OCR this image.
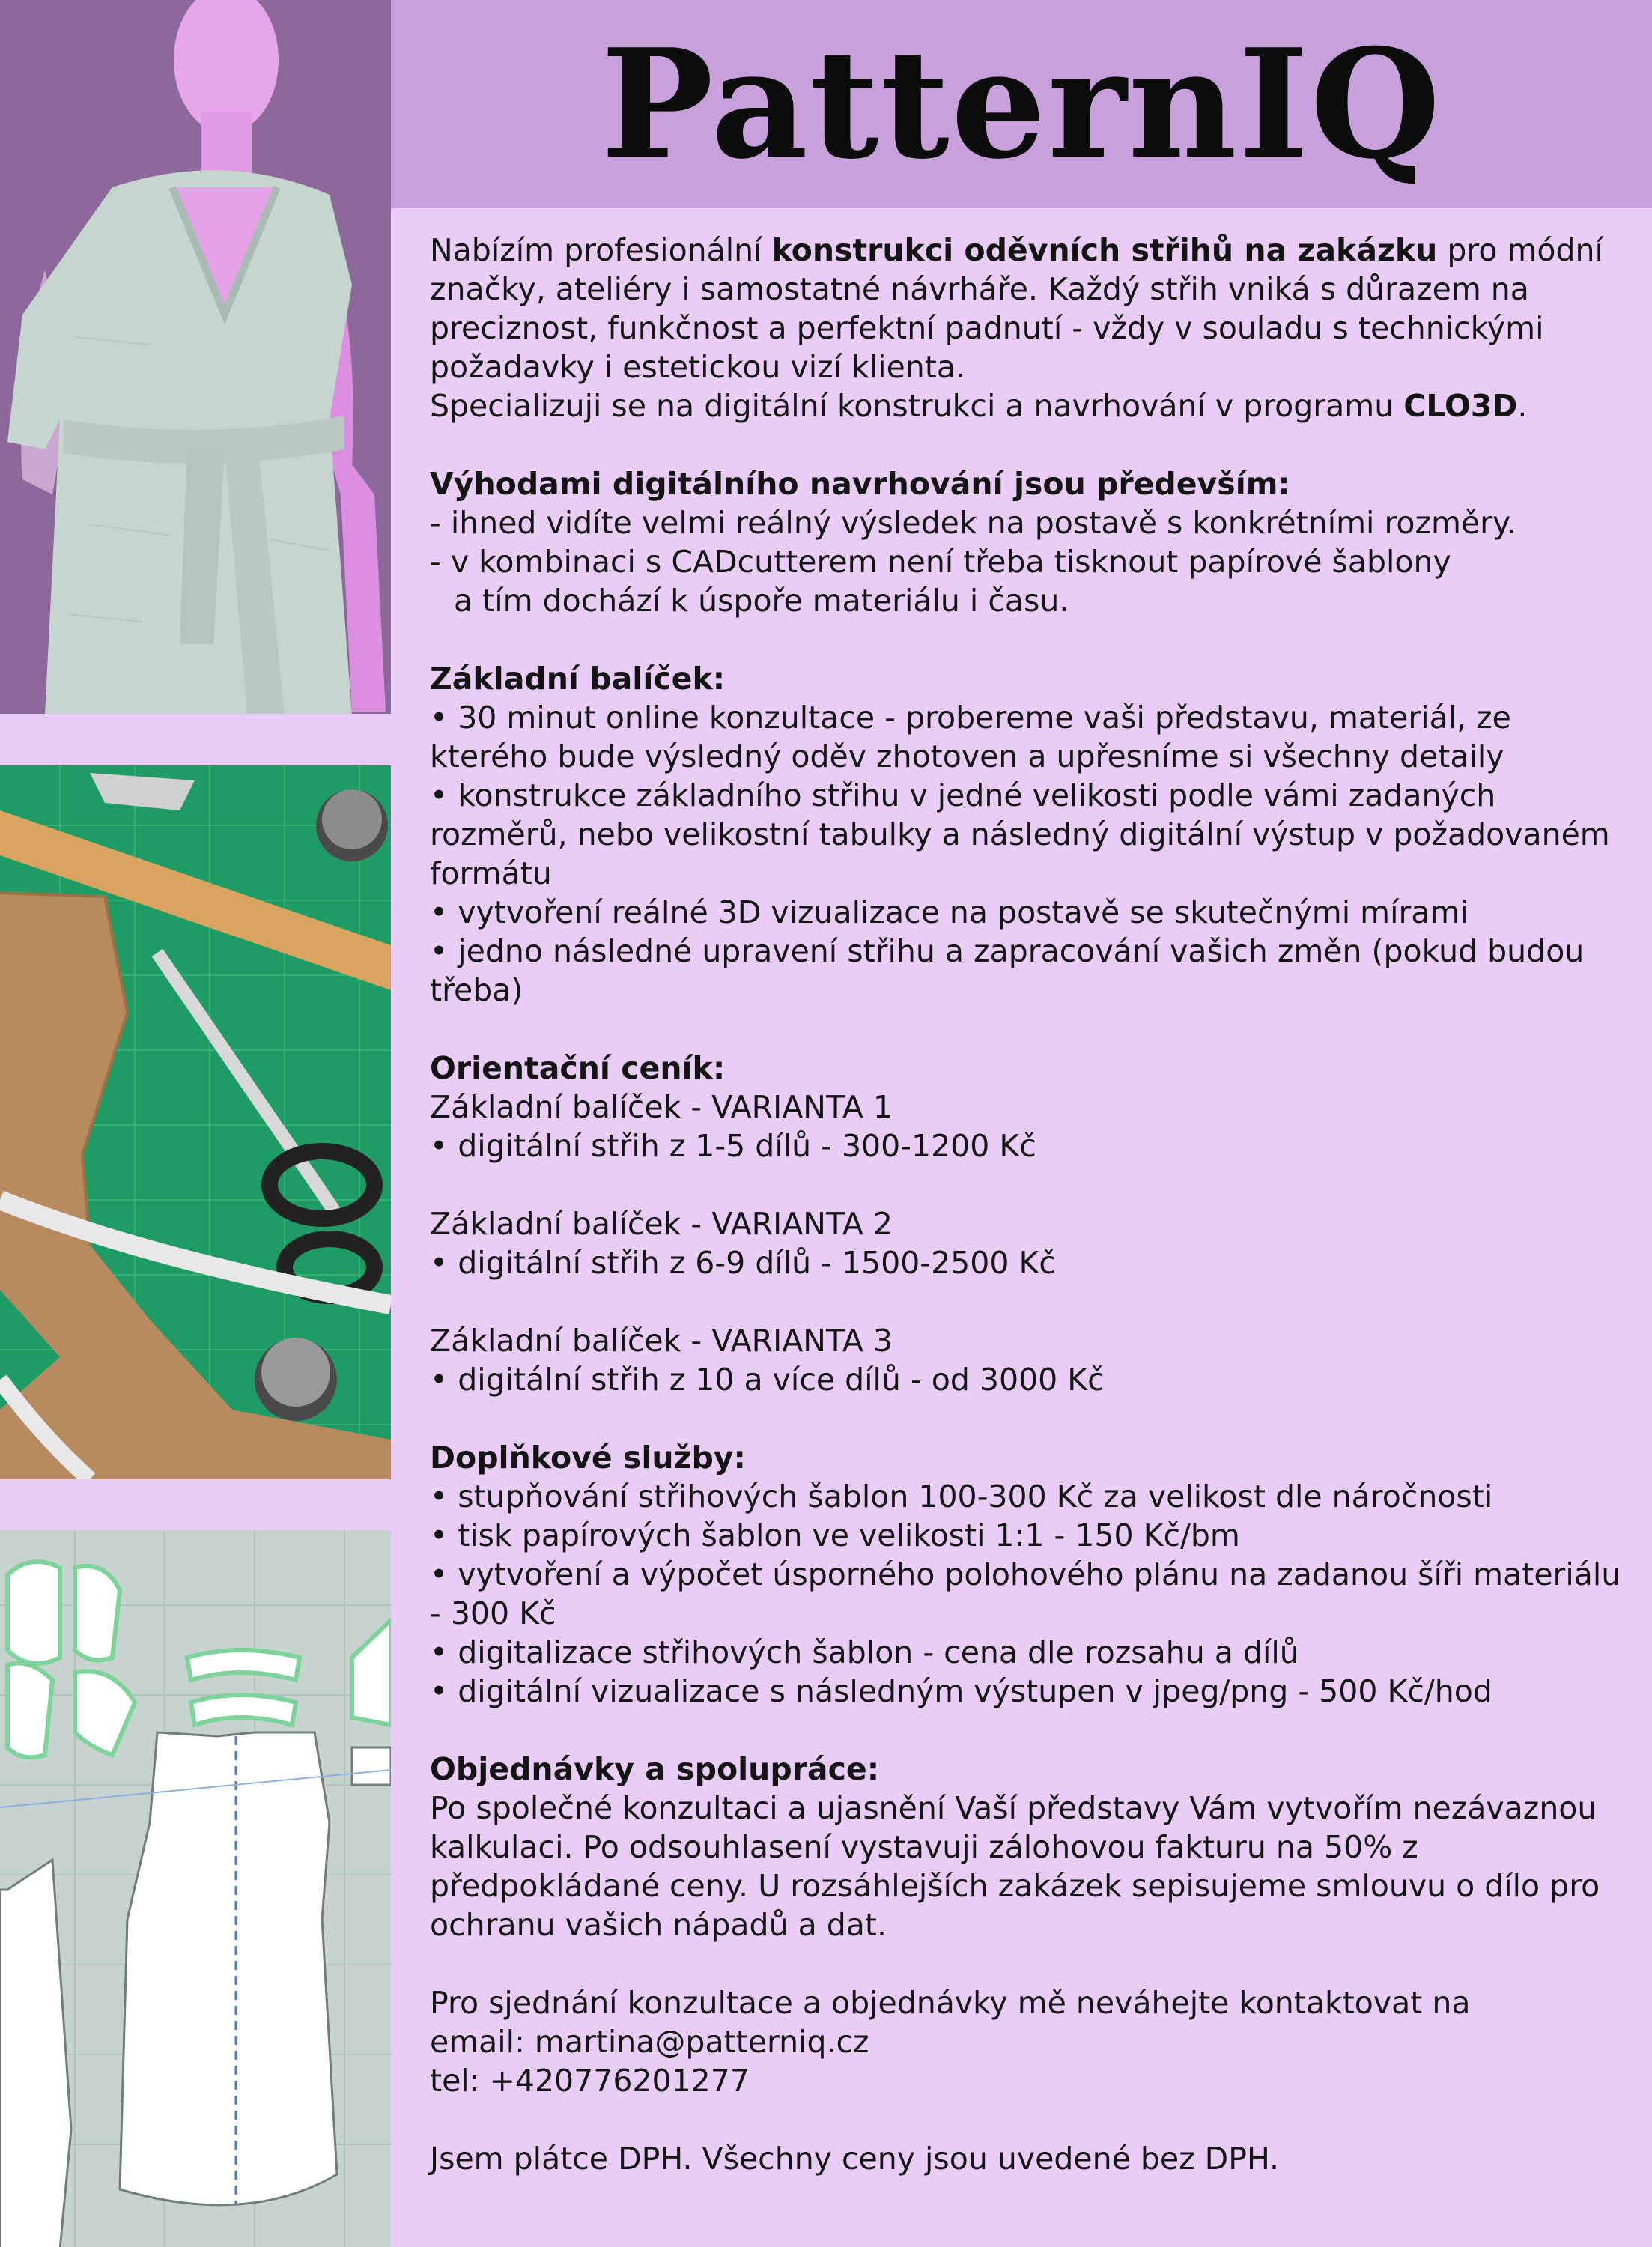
PatternIQ

Nabízím profesionální konstrukci oděvních střihů na zakázku pro módní značky, ateliéry i samostatné návrháře. Každý střih vniká s důrazem na preciznost, funkčnost a perfektní padnutí - vždy v souladu s technickými požadavky i estetickou vizí klienta.

Specializuji se na digitální konstrukci a navrhování v programu CLO3D.

Výhodami digitálního navrhování jsou především:

- ihned vidíte velmi reálný výsledek na postavě s konkrétními rozměry.

- v kombinaci s CADcutterem není třeba tisknout papírové šablony

a tím dochází k úspoře materiálu i času.

Základní balíček:

• 30 minut online konzultace - probereme vaši představu, materiál, ze kterého bude výsledný oděv zhotoven a upřesníme si všechny detaily

• konstrukce základního střihu v jedné velikosti podle vámi zadaných rozměrů, nebo velikostní tabulky a následný digitální výstup v požadovaném formátu

• vytvoření reálné 3D vizualizace na postavě se skutečnými mírami

• jedno následné upravení střihu a zapracování vašich změn (pokud budou třeba)

Orientační ceník:

Základní balíček - VARIANTA 1

• digitální střih z 1-5 dílů - 300-1200 Kč

Základní balíček - VARIANTA 2

• digitální střih z 6-9 dílů - 1500-2500 Kč

Základní balíček - VARIANTA 3

• digitální střih z 10 a více dílů - od 3000 Kč

Doplňkové služby:

• stupňování střihových šablon 100-300 Kč za velikost dle náročnosti

• tisk papírových šablon ve velikosti 1:1 - 150 Kč/bm

• vytvoření a výpočet úsporného polohového plánu na zadanou šíři materiálu - 300 Kč

• digitalizace střihových šablon - cena dle rozsahu a dílů

• digitální vizualizace s následným výstupen v jpeg/png - 500 Kč/hod

Objednávky a spolupráce:

Po společné konzultaci a ujasnění Vaší představy Vám vytvořím nezávaznou kalkulaci. Po odsouhlasení vystavuji zálohovou fakturu na 50% z předpokládané ceny. U rozsáhlejších zakázek sepisujeme smlouvu o dílo pro ochranu vašich nápadů a dat.

Pro sjednání konzultace a objednávky mě neváhejte kontaktovat na

email: martina@patterniq.cz

tel: +420776201277

Jsem plátce DPH. Všechny ceny jsou uvedené bez DPH.
